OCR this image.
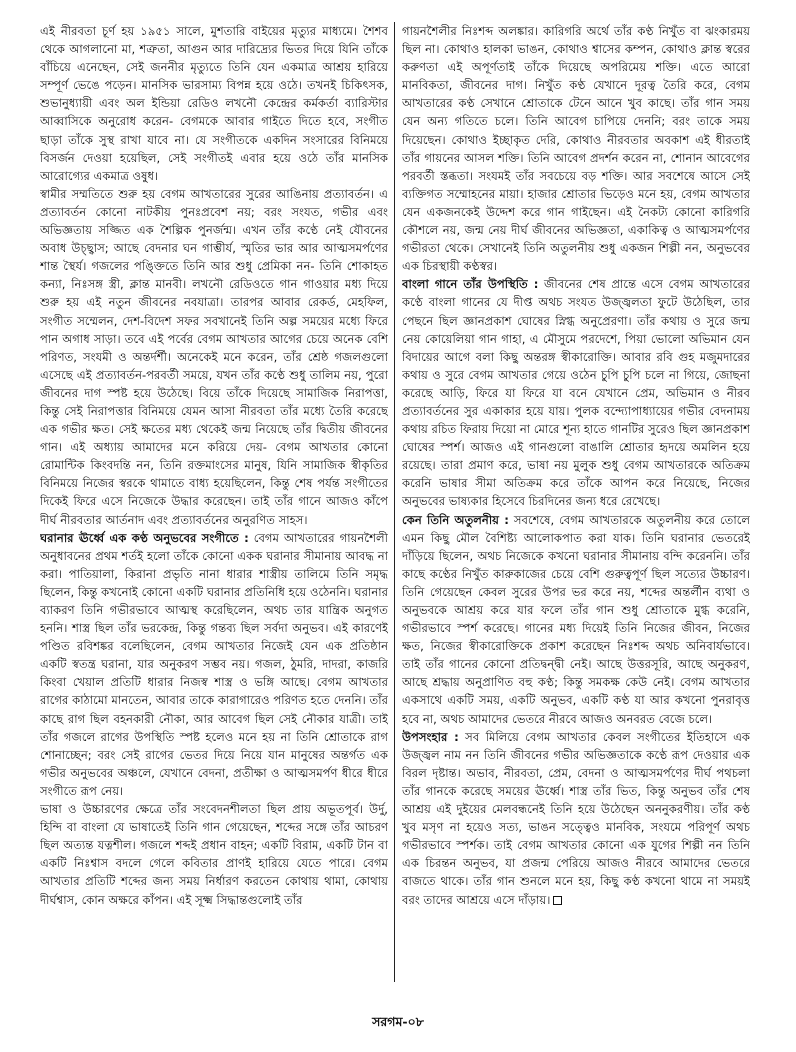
এই নীরবতা চূর্ণ হয় ১৯৫১ সালে, মুশতারি বাইয়ের মৃত্যুর মাধ্যমে। শৈশব থেকে আগলানো মা, শত্রুতা, আগুন আর দারিদ্র্যের ভিতর দিয়ে যিনি তাঁকে বাঁচিয়ে এনেছেন, সেই জননীর মৃত্যুতে তিনি যেন একমাত্র আশ্রয় হারিয়ে সম্পূর্ণ ভেঙে পড়েন। মানসিক ভারসাম্য বিপন্ন হয়ে ওঠে। তখনই চিকিৎসক, শুভানুধ্যায়ী এবং অল ইন্ডিয়া রেডিও লখনৌ কেন্দ্রের কর্মকর্তা ব্যারিস্টার আব্বাসিকে অনুরোধ করেন- বেগমকে আবার গাইতে দিতে হবে, সংগীত ছাড়া তাঁকে সুস্থ রাখা যাবে না। যে সংগীতকে একদিন সংসারের বিনিময়ে বিসর্জন দেওয়া হয়েছিল, সেই সংগীতই এবার হয়ে ওঠে তাঁর মানসিক আরোগ্যের একমাত্র ওষুধ।

স্বামীর সম্মতিতে শুরু হয় বেগম আখতারের সুরের আঙিনায় প্রত্যাবর্তন। এ প্রত্যাবর্তন কোনো নাটকীয় পুনঃপ্রবেশ নয়; বরং সংযত, গভীর এবং অভিজ্ঞতায় সজ্জিত এক শৈল্পিক পুনর্জন্ম। এখন তাঁর কণ্ঠে নেই যৌবনের অবাধ উচ্ছ্বাস; আছে বেদনার ঘন গাম্ভীর্য, স্মৃতির ভার আর আত্মসমর্পণের শান্ত স্থৈর্য। গজলের পঙ্ক্তিতে তিনি আর শুধু প্রেমিকা নন- তিনি শোকাহত কন্যা, নিঃসঙ্গ স্ত্রী, ক্লান্ত মানবী। লখনৌ রেডিওতে গান গাওয়ার মধ্য দিয়ে শুরু হয় এই নতুন জীবনের নবযাত্রা। তারপর আবার রেকর্ড, মেহফিল, সংগীত সম্মেলন, দেশ-বিদেশ সফর সবখানেই তিনি অল্প সময়ের মধ্যে ফিরে পান অগাধ সাড়া। তবে এই পর্বের বেগম আখতার আগের চেয়ে অনেক বেশি পরিণত, সংযমী ও অন্তর্দর্শী। অনেকেই মনে করেন, তাঁর শ্রেষ্ঠ গজলগুলো এসেছে এই প্রত্যাবর্তন-পরবর্তী সময়ে, যখন তাঁর কণ্ঠে শুধু তালিম নয়, পুরো জীবনের দাগ স্পষ্ট হয়ে উঠেছে। বিয়ে তাঁকে দিয়েছে সামাজিক নিরাপত্তা, কিন্তু সেই নিরাপত্তার বিনিময়ে যেমন আসা নীরবতা তাঁর মধ্যে তৈরি করেছে এক গভীর ক্ষত। সেই ক্ষতের মধ্য থেকেই জন্ম নিয়েছে তাঁর দ্বিতীয় জীবনের গান। এই অধ্যায় আমাদের মনে করিয়ে দেয়- বেগম আখতার কোনো রোমান্টিক কিংবদন্তি নন, তিনি রক্তমাংসের মানুষ, যিনি সামাজিক স্বীকৃতির বিনিময়ে নিজের স্বরকে থামাতে বাধ্য হয়েছিলেন, কিন্তু শেষ পর্যন্ত সংগীতের দিকেই ফিরে এসে নিজেকে উদ্ধার করেছেন। তাই তাঁর গানে আজও কাঁপে দীর্ঘ নীরবতার আর্তনাদ এবং প্রত্যাবর্তনের অনুরণিত সাহস।

ঘরানার ঊর্ধ্বে এক কণ্ঠ অনুভবের সংগীতে : বেগম আখতারের গায়নশৈলী অনুধাবনের প্রথম শর্তই হলো তাঁকে কোনো একক ঘরানার সীমানায় আবদ্ধ না করা। পাতিয়ালা, কিরানা প্রভৃতি নানা ধারার শাস্ত্রীয় তালিমে তিনি সমৃদ্ধ ছিলেন, কিন্তু কখনোই কোনো একটি ঘরানার প্রতিনিধি হয়ে ওঠেননি। ঘরানার ব্যাকরণ তিনি গভীরভাবে আত্মস্থ করেছিলেন, অথচ তার যান্ত্রিক অনুগত হননি। শাস্ত্র ছিল তাঁর ভরকেন্দ্র, কিন্তু গন্তব্য ছিল সর্বদা অনুভব। এই কারণেই পণ্ডিত রবিশঙ্কর বলেছিলেন, বেগম আখতার নিজেই যেন এক প্রতিষ্ঠান একটি স্বতন্ত্র ঘরানা, যার অনুকরণ সম্ভব নয়। গজল, ঠুমরি, দাদরা, কাজরি কিংবা খেয়াল প্রতিটি ধারার নিজস্ব শাস্ত্র ও ভঙ্গি আছে। বেগম আখতার রাগের কাঠামো মানতেন, আবার তাকে কারাগারেও পরিণত হতে দেননি। তাঁর কাছে রাগ ছিল বহনকারী নৌকা, আর আবেগ ছিল সেই নৌকার যাত্রী। তাই তাঁর গজলে রাগের উপস্থিতি স্পষ্ট হলেও মনে হয় না তিনি শ্রোতাকে রাগ শোনাচ্ছেন; বরং সেই রাগের ভেতর দিয়ে নিয়ে যান মানুষের অন্তর্গত এক গভীর অনুভবের অঞ্চলে, যেখানে বেদনা, প্রতীক্ষা ও আত্মসমর্পণ ধীরে ধীরে সংগীতে রূপ নেয়।

ভাষা ও উচ্চারণের ক্ষেত্রে তাঁর সংবেদনশীলতা ছিল প্রায় অভূতপূর্ব। উর্দু, হিন্দি বা বাংলা যে ভাষাতেই তিনি গান গেয়েছেন, শব্দের সঙ্গে তাঁর আচরণ ছিল অত্যন্ত যত্নশীল। গজলে শব্দই প্রধান বাহন; একটি বিরাম, একটি টান বা একটি নিঃশ্বাস বদলে গেলে কবিতার প্রাণই হারিয়ে যেতে পারে। বেগম আখতার প্রতিটি শব্দের জন্য সময় নির্ধারণ করতেন কোথায় থামা, কোথায় দীর্ঘশ্বাস, কোন অক্ষরে কাঁপন। এই সূক্ষ্ম সিদ্ধান্তগুলোই তাঁর

গায়নশৈলীর নিঃশব্দ অলঙ্কার। কারিগরি অর্থে তাঁর কণ্ঠ নিখুঁত বা ঝংকারময় ছিল না। কোথাও হালকা ভাঙন, কোথাও শ্বাসের কম্পন, কোথাও ক্লান্ত স্বরের করুণতা এই অপূর্ণতাই তাঁকে দিয়েছে অপরিমেয় শক্তি। এতে আরো মানবিকতা, জীবনের দাগ। নিখুঁত কণ্ঠ যেখানে দূরত্ব তৈরি করে, বেগম আখতারের কণ্ঠ সেখানে শ্রোতাকে টেনে আনে খুব কাছে। তাঁর গান সময় যেন অন্য গতিতে চলে। তিনি আবেগ চাপিয়ে দেননি; বরং তাকে সময় দিয়েছেন। কোথাও ইচ্ছাকৃত দেরি, কোথাও নীরবতার অবকাশ এই ধীরতাই তাঁর গায়নের আসল শক্তি। তিনি আবেগ প্রদর্শন করেন না, শোনান আবেগের পরবর্তী স্তব্ধতা। সংযমই তাঁর সবচেয়ে বড় শক্তি। আর সবশেষে আসে সেই ব্যক্তিগত সম্মোহনের মায়া। হাজার শ্রোতার ভিড়েও মনে হয়, বেগম আখতার যেন একজনকেই উদ্দেশ করে গান গাইছেন। এই নৈকট্য কোনো কারিগরি কৌশলে নয়, জন্ম নেয় দীর্ঘ জীবনের অভিজ্ঞতা, একাকিত্ব ও আত্মসমর্পণের গভীরতা থেকে। সেখানেই তিনি অতুলনীয় শুধু একজন শিল্পী নন, অনুভবের এক চিরস্থায়ী কণ্ঠস্বর।

বাংলা গানে তাঁর উপস্থিতি : জীবনের শেষ প্রান্তে এসে বেগম আখতারের কণ্ঠে বাংলা গানের যে দীপ্ত অথচ সংযত উজ্জ্বলতা ফুটে উঠেছিল, তার পেছনে ছিল জ্ঞানপ্রকাশ ঘোষের স্নিগ্ধ অনুপ্রেরণা। তাঁর কথায় ও সুরে জন্ম নেয় কোয়েলিয়া গান গাহা, এ মৌসুমে পরদেশে, পিয়া ভোলো অভিমান যেন বিদায়ের আগে বলা কিছু অন্তরঙ্গ স্বীকারোক্তি। আবার রবি গুহ মজুমদারের কথায় ও সুরে বেগম আখতার গেয়ে ওঠেন চুপি চুপি চলে না গিয়ে, জোছনা করেছে আড়ি, ফিরে যা ফিরে যা বনে যেখানে প্রেম, অভিমান ও নীরব প্রত্যাবর্তনের সুর একাকার হয়ে যায়। পুলক বন্দ্যোপাধ্যায়ের গভীর বেদনাময় কথায় রচিত ফিরায় দিয়ো না মোরে শূন্য হাতে গানটির সুরেও ছিল জ্ঞানপ্রকাশ ঘোষের স্পর্শ। আজও এই গানগুলো বাঙালি শ্রোতার হৃদয়ে অমলিন হয়ে রয়েছে। তারা প্রমাণ করে, ভাষা নয় মুলুক শুধু বেগম আখতারকে অতিক্রম করেনি ভাষার সীমা অতিক্রম করে তাঁকে আপন করে নিয়েছে, নিজের অনুভবের ভাষ্যকার হিসেবে চিরদিনের জন্য ধরে রেখেছে।

কেন তিনি অতুলনীয় : সবশেষে, বেগম আখতারকে অতুলনীয় করে তোলে এমন কিছু মৌল বৈশিষ্ট্য আলোকপাত করা যাক। তিনি ঘরানার ভেতরেই দাঁড়িয়ে ছিলেন, অথচ নিজেকে কখনো ঘরানার সীমানায় বন্দি করেননি। তাঁর কাছে কণ্ঠের নিখুঁত কারুকাজের চেয়ে বেশি গুরুত্বপূর্ণ ছিল সত্যের উচ্চারণ। তিনি গেয়েছেন কেবল সুরের উপর ভর করে নয়, শব্দের অন্তর্লীন ব্যথা ও অনুভবকে আশ্রয় করে যার ফলে তাঁর গান শুধু শ্রোতাকে মুগ্ধ করেনি, গভীরভাবে স্পর্শ করেছে। গানের মধ্য দিয়েই তিনি নিজের জীবন, নিজের ক্ষত, নিজের স্বীকারোক্তিকে প্রকাশ করেছেন নিঃশব্দ অথচ অনিবার্যভাবে। তাই তাঁর গানের কোনো প্রতিদ্বন্দ্বী নেই। আছে উত্তরসূরি, আছে অনুকরণ, আছে শ্রদ্ধায় অনুপ্রাণিত বহু কণ্ঠ; কিন্তু সমকক্ষ কেউ নেই। বেগম আখতার একসাথে একটি সময়, একটি অনুভব, একটি কণ্ঠ যা আর কখনো পুনরাবৃত্ত হবে না, অথচ আমাদের ভেতরে নীরবে আজও অনবরত বেজে চলে।

উপসংহার : সব মিলিয়ে বেগম আখতার কেবল সংগীতের ইতিহাসে এক উজ্জ্বল নাম নন তিনি জীবনের গভীর অভিজ্ঞতাকে কণ্ঠে রূপ দেওয়ার এক বিরল দৃষ্টান্ত। অভাব, নীরবতা, প্রেম, বেদনা ও আত্মসমর্পণের দীর্ঘ পথচলা তাঁর গানকে করেছে সময়ের ঊর্ধ্বে। শাস্ত্র তাঁর ভিত, কিন্তু অনুভব তাঁর শেষ আশ্রয় এই দুইয়ের মেলবন্ধনেই তিনি হয়ে উঠেছেন অননুকরণীয়। তাঁর কণ্ঠ খুব মসৃণ না হয়েও সত্য, ভাঙন সত্ত্বেও মানবিক, সংযমে পরিপূর্ণ অথচ গভীরভাবে স্পর্শক। তাই বেগম আখতার কোনো এক যুগের শিল্পী নন তিনি এক চিরন্তন অনুভব, যা প্রজন্ম পেরিয়ে আজও নীরবে আমাদের ভেতরে বাজতে থাকে। তাঁর গান শুনলে মনে হয়, কিছু কণ্ঠ কখনো থামে না সময়ই বরং তাদের আশ্রয়ে এসে দাঁড়ায়।

সরগম-০৮
